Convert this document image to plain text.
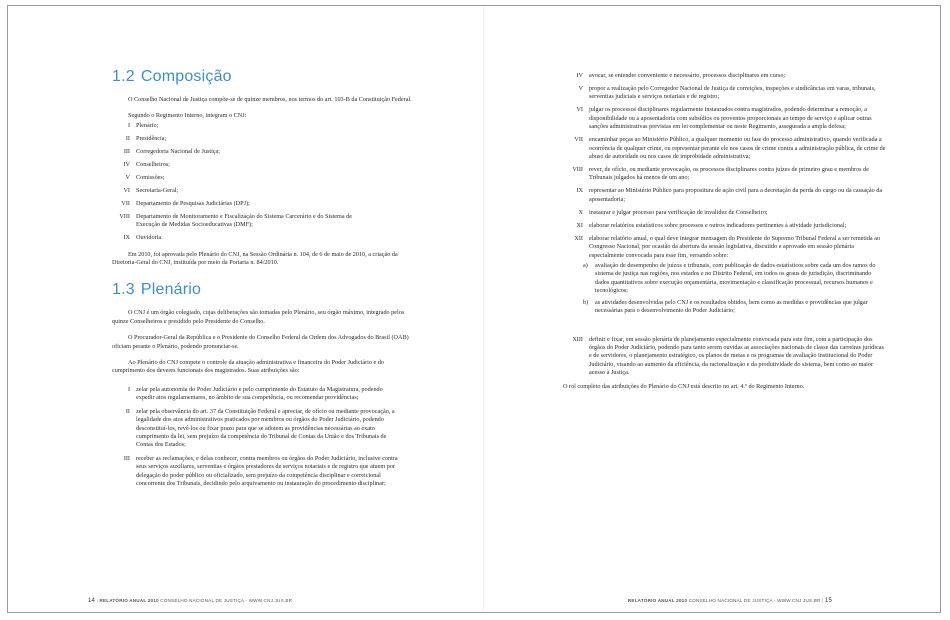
1.2 Composição

O Conselho Nacional de Justiça compõe-se de quinze membros, nos termos do art. 103-B da Constituição Federal.

Segundo o Regimento Interno, integram o CNJ:

I Plenário;
II Presidência;
III Corregedoria Nacional de Justiça;
IV Conselheiros;
V Comissões;
VI Secretaria-Geral;
VII Departamento de Pesquisas Judiciárias (DPJ);
VIII Departamento de Monitoramento e Fiscalização do Sistema Carcerário e do Sistema de Execução de Medidas Socioeducativas (DMF);
IX Ouvidoria.

Em 2010, foi aprovada pelo Plenário do CNJ, na Sessão Ordinária n. 104, de 6 de maio de 2010, a criação da Diretoria-Geral do CNJ, instituída por meio da Portaria n. 84/2010.

1.3 Plenário

O CNJ é um órgão colegiado, cujas deliberações são tomadas pelo Plenário, seu órgão máximo, integrado pelos quinze Conselheiros e presidido pelo Presidente do Conselho.

O Procurador-Geral da República e o Presidente do Conselho Federal da Ordem dos Advogados do Brasil (OAB) oficiam perante o Plenário, podendo pronunciar-se.

Ao Plenário do CNJ compete o controle da atuação administrativa e financeira do Poder Judiciário e do cumprimento dos deveres funcionais dos magistrados. Suas atribuições são:

I zelar pela autonomia do Poder Judiciário e pelo cumprimento do Estatuto da Magistratura, podendo expedir atos regulamentares, no âmbito de sua competência, ou recomendar providências;
II zelar pela observância do art. 37 da Constituição Federal e apreciar, de ofício ou mediante provocação, a legalidade dos atos administrativos praticados por membros ou órgãos do Poder Judiciário, podendo desconstituí-los, revê-los ou fixar prazo para que se adotem as providências necessárias ao exato cumprimento da lei, sem prejuízo da competência do Tribunal de Contas da União e dos Tribunais de Contas dos Estados;
III receber as reclamações, e delas conhecer, contra membros ou órgãos do Poder Judiciário, inclusive contra seus serviços auxiliares, serventias e órgãos prestadores de serviços notariais e de registro que atuem por delegação do poder público ou oficializado, sem prejuízo da competência disciplinar e correicional concorrente dos Tribunais, decidindo pelo arquivamento ou instauração do procedimento disciplinar;
14 | RELATÓRIO ANUAL 2010 CONSELHO NACIONAL DE JUSTIÇA · WWW.CNJ.JUS.BR
IV avocar, se entender conveniente e necessário, processos disciplinares em curso;
V propor a realização pelo Corregedor Nacional de Justiça de correições, inspeções e sindicâncias em varas, tribunais, serventias judiciais e serviços notariais e de registro;
VI julgar os processos disciplinares regularmente instaurados contra magistrados, podendo determinar a remoção, a disponibilidade ou a aposentadoria com subsídios ou proventos proporcionais ao tempo de serviço e aplicar outras sanções administrativas previstas em lei complementar ou neste Regimento, assegurada a ampla defesa;
VII encaminhar peças ao Ministério Público, a qualquer momento ou fase do processo administrativo, quando verificada a ocorrência de qualquer crime, ou representar perante ele nos casos de crime contra a administração pública, de crime de abuso de autoridade ou nos casos de improbidade administrativa;
VIII rever, de ofício, ou mediante provocação, os processos disciplinares contra juízes de primeiro grau e membros de Tribunais julgados há menos de um ano;
IX representar ao Ministério Público para propositura de ação civil para a decretação da perda do cargo ou da cassação da aposentadoria;
X instaurar e julgar processo para verificação de invalidez de Conselheiro;
XI elaborar relatórios estatísticos sobre processos e outros indicadores pertinentes à atividade jurisdicional;
XII elaborar relatório anual, o qual deve integrar mensagem do Presidente do Supremo Tribunal Federal a ser remetida ao Congresso Nacional, por ocasião da abertura da sessão legislativa, discutido e aprovado em sessão plenária especialmente convocada para esse fim, versando sobre:
a)	avaliação de desempenho de juízos e tribunais, com publicação de dados estatísticos sobre cada um dos ramos do sistema de justiça nas regiões, nos estados e no Distrito Federal, em todos os graus de jurisdição, discriminando dados quantitativos sobre execução orçamentária, movimentação e classificação processual, recursos humanos e tecnológicos;
b)	as atividades desenvolvidas pelo CNJ e os resultados obtidos, bem como as medidas e providências que julgar necessárias para o desenvolvimento do Poder Judiciário;
XIII definir e fixar, em sessão plenária de planejamento especialmente convocada para este fim, com a participação dos órgãos do Poder Judiciário, podendo para tanto serem ouvidas as associações nacionais de classe das carreiras jurídicas e de servidores, o planejamento estratégico, os planos de metas e os programas de avaliação institucional do Poder Judiciário, visando ao aumento da eficiência, da racionalização e da produtividade do sistema, bem como ao maior acesso à Justiça.

O rol completo das atribuições do Plenário do CNJ está descrito no art. 4.º do Regimento Interno.

RELATÓRIO ANUAL 2010 CONSELHO NACIONAL DE JUSTIÇA · WWW.CNJ.JUS.BR | 15
